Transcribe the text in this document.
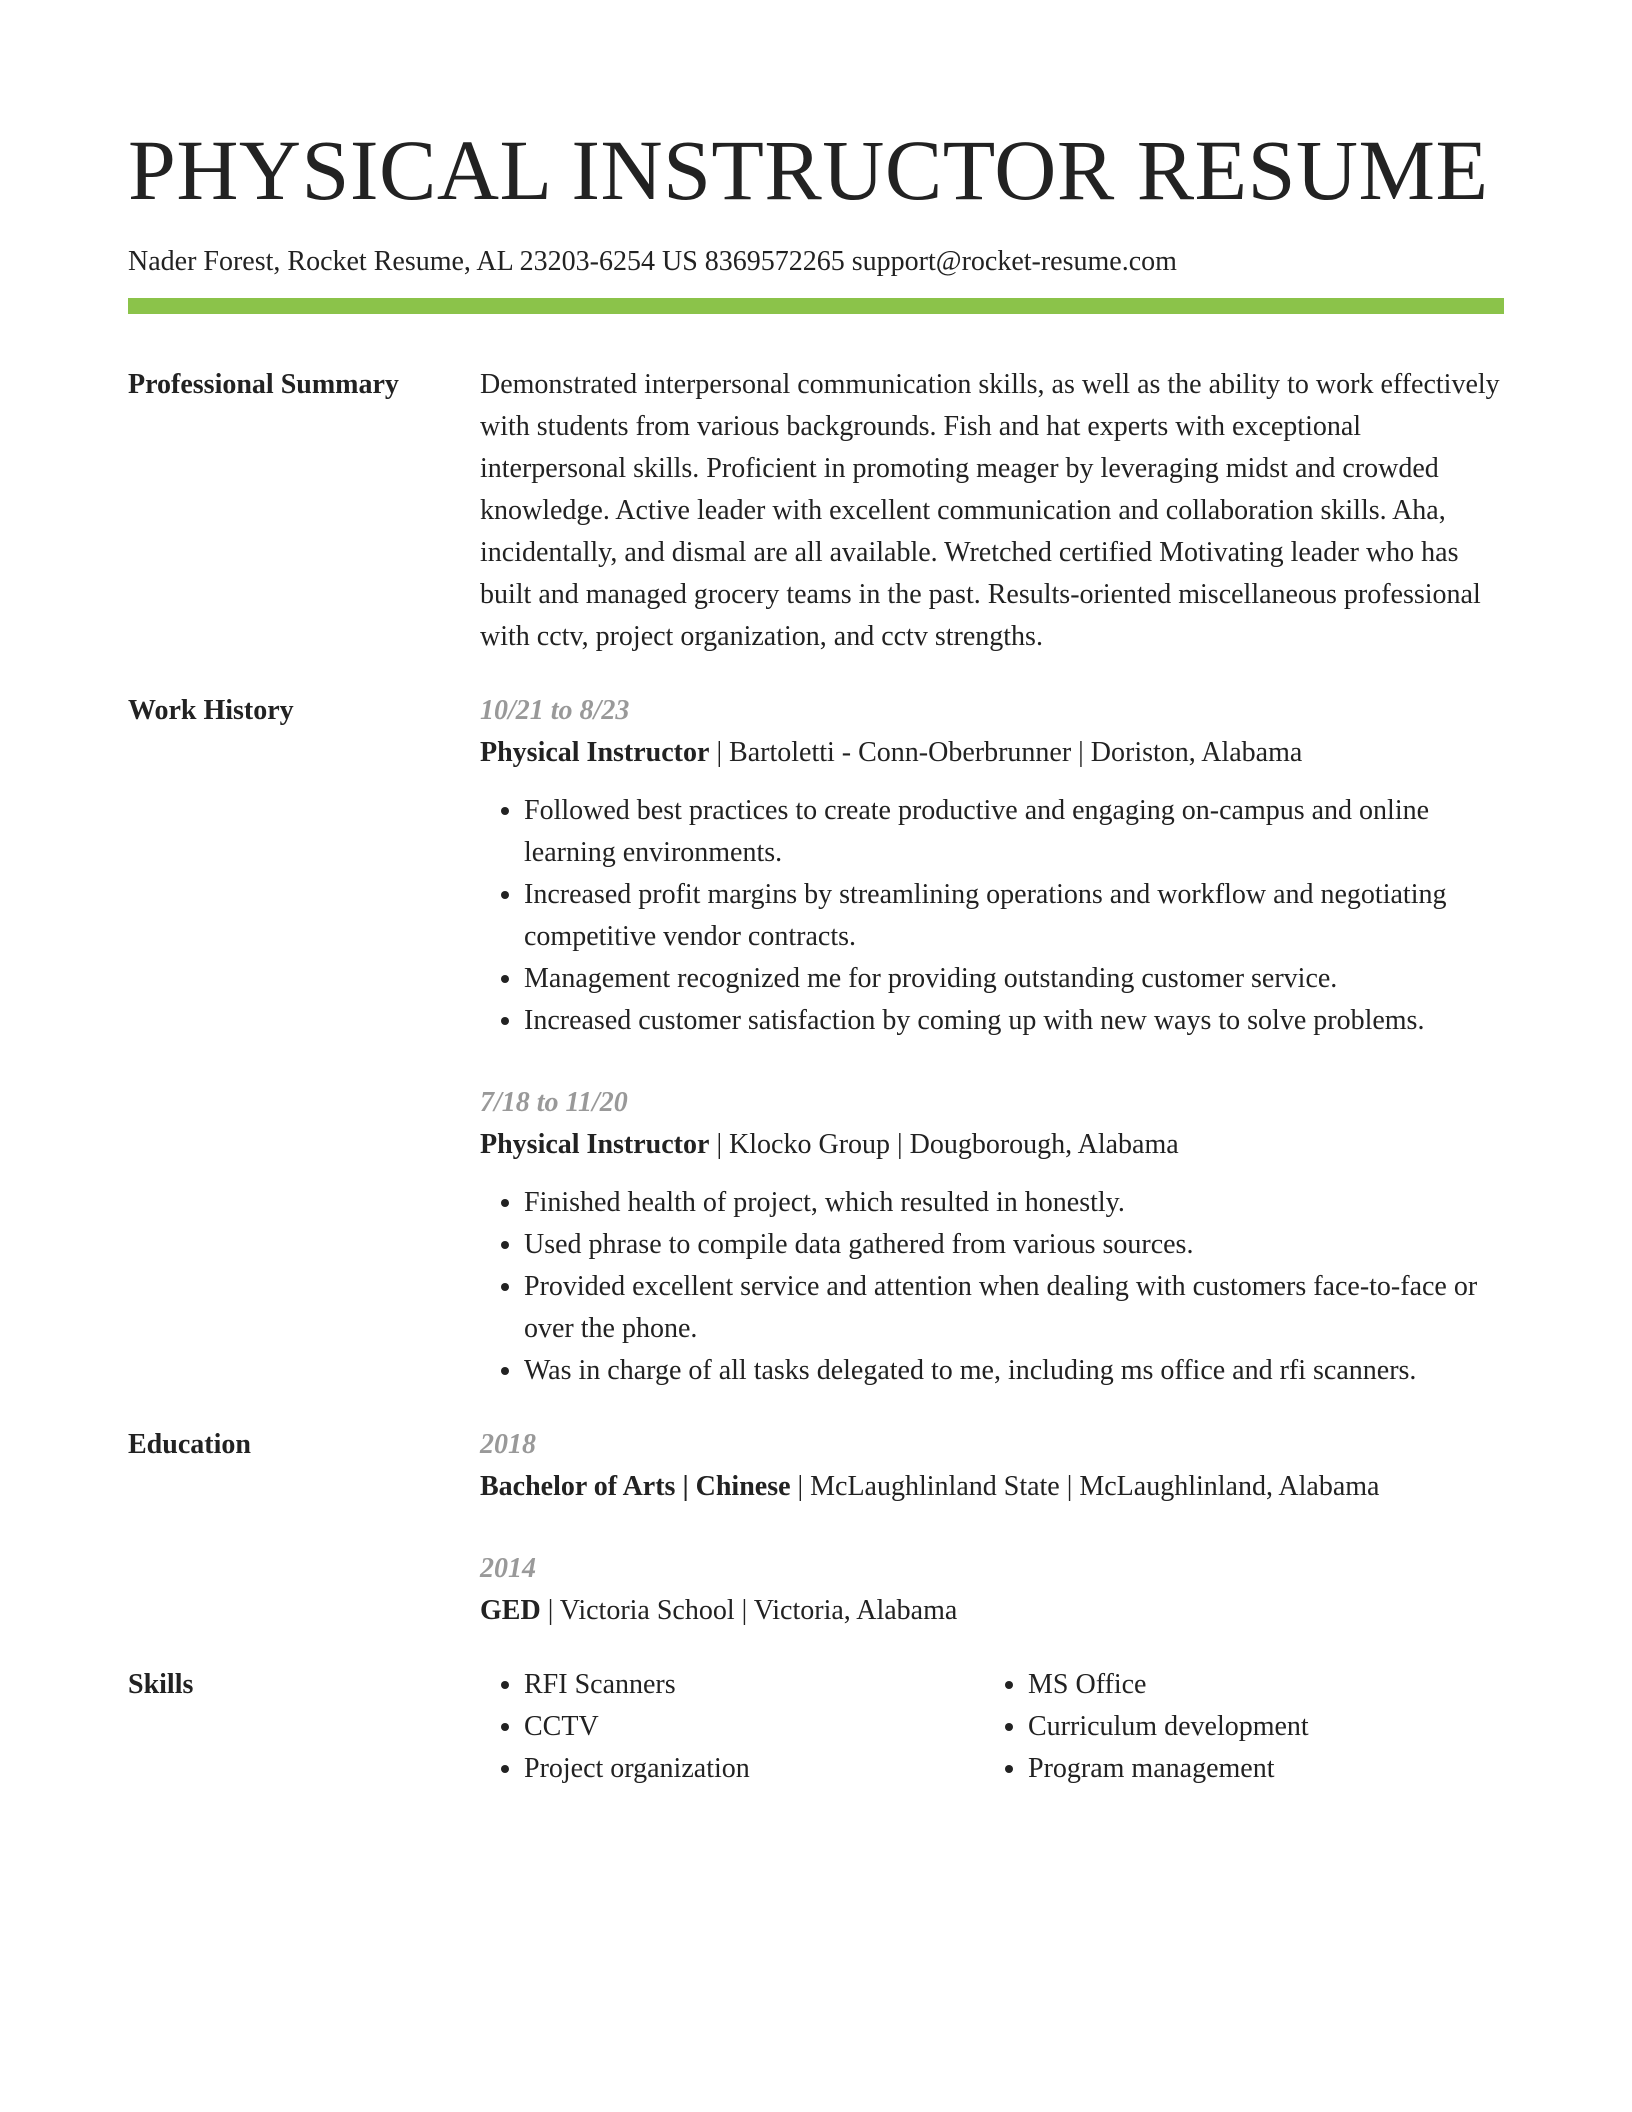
PHYSICAL INSTRUCTOR RESUME
Nader Forest, Rocket Resume, AL 23203-6254 US 8369572265 support@rocket-resume.com
Professional Summary	Demonstrated interpersonal communication skills, as well as the ability to work effectively with students from various backgrounds. Fish and hat experts with exceptional interpersonal skills. Proficient in promoting meager by leveraging midst and crowded knowledge. Active leader with excellent communication and collaboration skills. Aha, incidentally, and dismal are all available. Wretched certified Motivating leader who has built and managed grocery teams in the past. Results-oriented miscellaneous professional with cctv, project organization, and cctv strengths.
Work History	10/21 to 8/23
Physical Instructor | Bartoletti - Conn-Oberbrunner | Doriston, Alabama
• Followed best practices to create productive and engaging on-campus and online learning environments.
• Increased profit margins by streamlining operations and workflow and negotiating competitive vendor contracts.
• Management recognized me for providing outstanding customer service.
• Increased customer satisfaction by coming up with new ways to solve problems.
7/18 to 11/20
Physical Instructor | Klocko Group | Dougborough, Alabama
• Finished health of project, which resulted in honestly.
• Used phrase to compile data gathered from various sources.
• Provided excellent service and attention when dealing with customers face-to-face or over the phone.
• Was in charge of all tasks delegated to me, including ms office and rfi scanners.
Education	2018
Bachelor of Arts | Chinese | McLaughlinland State | McLaughlinland, Alabama
2014
GED | Victoria School | Victoria, Alabama
Skills
•	RFI Scanners
• CCTV
• Project organization
• MS Office
• Curriculum development
• Program management
